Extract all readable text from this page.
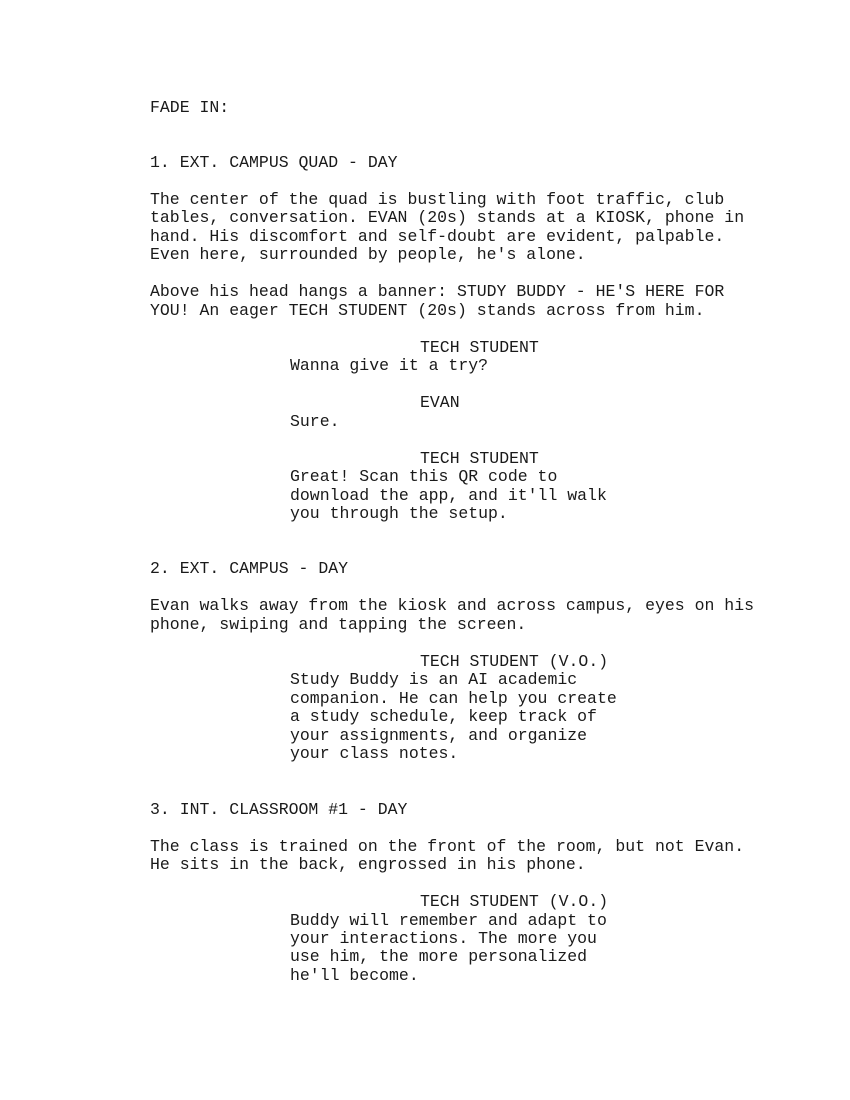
FADE IN:
1. EXT. CAMPUS QUAD - DAY
The center of the quad is bustling with foot traffic, club
tables, conversation. EVAN (20s) stands at a KIOSK, phone in
hand. His discomfort and self-doubt are evident, palpable.
Even here, surrounded by people, he's alone.
Above his head hangs a banner: STUDY BUDDY - HE'S HERE FOR
YOU! An eager TECH STUDENT (20s) stands across from him.
TECH STUDENT
Wanna give it a try?
EVAN
Sure.
TECH STUDENT
Great! Scan this QR code to
download the app, and it'll walk
you through the setup.
2. EXT. CAMPUS - DAY
Evan walks away from the kiosk and across campus, eyes on his
phone, swiping and tapping the screen.
TECH STUDENT (V.O.)
Study Buddy is an AI academic
companion. He can help you create
a study schedule, keep track of
your assignments, and organize
your class notes.
3. INT. CLASSROOM #1 - DAY
The class is trained on the front of the room, but not Evan.
He sits in the back, engrossed in his phone.
TECH STUDENT (V.O.)
Buddy will remember and adapt to
your interactions. The more you
use him, the more personalized
he'll become.
